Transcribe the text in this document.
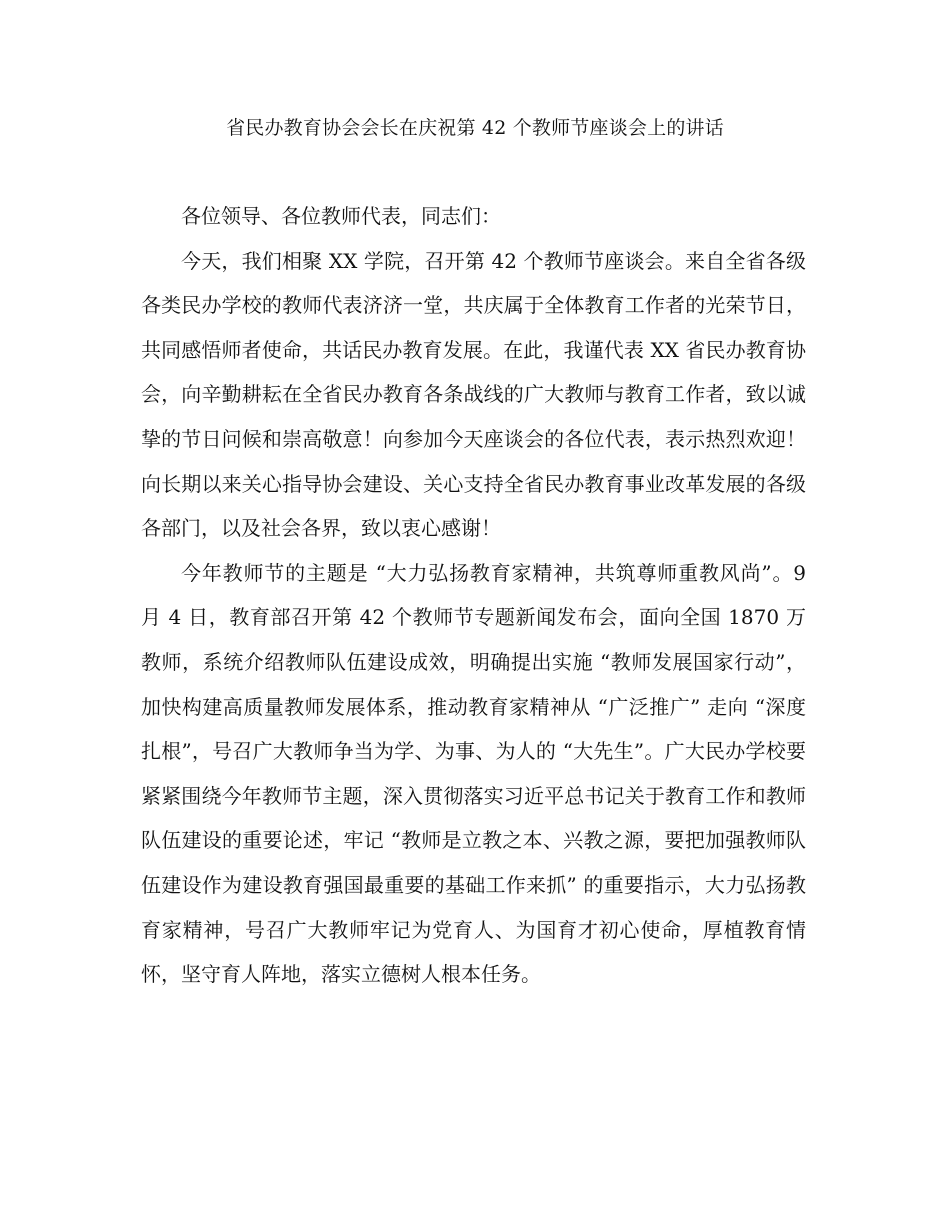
省民办教育协会会长在庆祝第 42 个教师节座谈会上的讲话

各位领导、各位教师代表，同志们：

今天，我们相聚 XX 学院，召开第 42 个教师节座谈会。来自全省各级各类民办学校的教师代表济济一堂，共庆属于全体教育工作者的光荣节日，共同感悟师者使命，共话民办教育发展。在此，我谨代表 XX 省民办教育协会，向辛勤耕耘在全省民办教育各条战线的广大教师与教育工作者，致以诚挚的节日问候和崇高敬意！向参加今天座谈会的各位代表，表示热烈欢迎！向长期以来关心指导协会建设、关心支持全省民办教育事业改革发展的各级各部门，以及社会各界，致以衷心感谢！

今年教师节的主题是 “大力弘扬教育家精神，共筑尊师重教风尚”。9 月 4 日，教育部召开第 42 个教师节专题新闻发布会，面向全国 1870 万教师，系统介绍教师队伍建设成效，明确提出实施 “教师发展国家行动”，加快构建高质量教师发展体系，推动教育家精神从 “广泛推广” 走向 “深度扎根”，号召广大教师争当为学、为事、为人的 “大先生”。广大民办学校要紧紧围绕今年教师节主题，深入贯彻落实习近平总书记关于教育工作和教师队伍建设的重要论述，牢记 “教师是立教之本、兴教之源，要把加强教师队伍建设作为建设教育强国最重要的基础工作来抓” 的重要指示，大力弘扬教育家精神，号召广大教师牢记为党育人、为国育才初心使命，厚植教育情怀，坚守育人阵地，落实立德树人根本任务。
